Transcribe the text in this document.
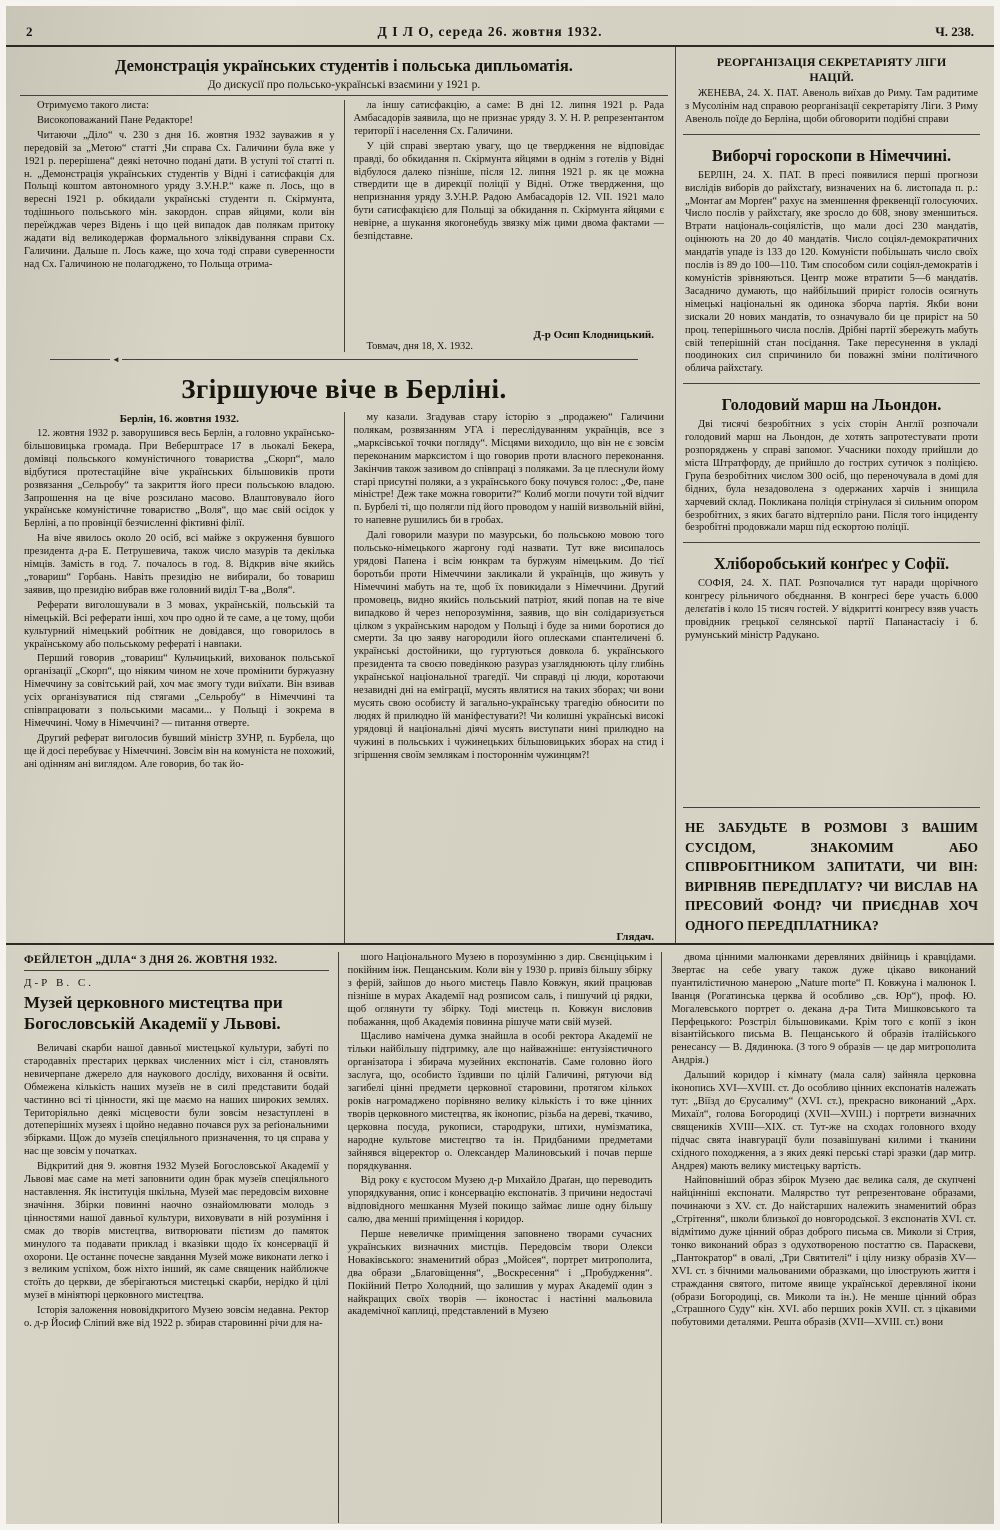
2	Д І Л О, середа 26. жовтня 1932.	Ч. 238.
Демонстрація українських студентів і польська дипльоматія.
До дискусії про польсько-українські взаємини у 1921 р.

Отримуємо такого листа:

Високоповажаний Пане Редакторе!

Читаючи „Діло“ ч. 230 з дня 16. жовтня 1932 зауважив я у передовій за „Метою“ статті „Чи справа Сх. Галичини була вже у 1921 р. перерішена“ деякі неточно подані дати. В уступі тої статті п. н. „Демонстрація українських студентів у Відні і сатисфакція для Польщі коштом автономного уряду З.У.Н.Р.“ каже п. Лось, що в вересні 1921 р. обкидали українські студенти п. Скірмунта, тодішнього польського мін. закордон. справ яйцями, коли він переїжджав через Відень і що цей випадок дав полякам притоку жадати від великодержав формального зліквідування справи Сх. Галичини. Дальше п. Лось каже, що хоча тоді справи суверенности над Сх. Галичиною не полагоджено, то Польща отрима-

ла іншу сатисфакцію, а саме: В дні 12. липня 1921 р. Рада Амбасадорів заявила, що не признає уряду З. У. Н. Р. репрезентантом території і населення Сх. Галичини.

У цій справі звертаю увагу, що це твердження не відповідає правді, бо обкидання п. Скірмунта яйцями в однім з готелів у Відні відбулося далеко пізніше, після 12. липня 1921 р. як це можна ствердити ще в дирекції поліції у Відні. Отже твердження, що непризнання уряду З.У.Н.Р. Радою Амбасадорів 12. VII. 1921 мало бути сатисфакцією для Польщі за обкидання п. Скірмунта яйцями є невірне, а шукання якогонебудь звязку між цими двома фактами — безпідставне.

Д-р Осип Клодницький.
Товмач, дня 18, X. 1932.
◄
Згіршуюче віче в Берліні.
Берлін, 16. жовтня 1932.

12. жовтня 1932 р. заворушився весь Берлін, а головно українсько-більшовицька громада. При Веберштрасе 17 в льокалі Бекера, домівці польського комуністичного товариства „Скорп“, мало відбутися протестаційне віче українських більшовиків проти розвязання „Сельробу“ та закриття його преси польською владою. Запрошення на це віче розсилано масово. Влаштовувало його українське комуністичне товариство „Воля“, що має свій осідок у Берліні, а по провінції безчисленні фіктивні філії.

На віче явилось около 20 осіб, всі майже з окруження бувшого президента д-ра Е. Петрушевича, також число мазурів та декілька німців. Замість в год. 7. почалось в год. 8. Відкрив віче якийсь „товариш“ Горбань. Навіть президію не вибирали, бо товариш заявив, що президію вибрав вже головний виділ Т-ва „Воля“.

Реферати виголошували в 3 мовах, українській, польській та німецькій. Всі реферати інші, хоч про одно й те саме, а це тому, щоби культурний німецький робітник не довідався, що говорилось в українському або польському рефераті і навпаки.

Перший говорив „товариш“ Кульчицький, вихованок польської організації „Скорп“, що ніяким чином не хоче промінити буржуазну Німеччину за совітський рай, хоч має змогу туди виїхати. Він взивав усіх організуватися під стягами „Сельробу“ в Німеччині та співпрацювати з польськими масами... у Польщі і зокрема в Німеччині. Чому в Німеччині? — питання отверте.

Другий реферат виголосив бувший міністр ЗУНР, п. Бурбела, що ще й досі перебуває у Німеччині. Зовсім він на комуніста не похожий, ані одінням ані виглядом. Але говорив, бо так йо-

му казали. Згадував стару історію з „продажею“ Галичини полякам, розвязанням УГА і переслідуванням українців, все з „марксівської точки погляду“. Місцями виходило, що він не є зовсім переконаним марксистом і що говорив проти власного переконання. Закінчив також зазивом до співпраці з поляками. За це плеснули йому старі присутні поляки, а з українського боку почувся голос: „Фе, пане міністре! Деж таке можна говорити?“ Колиб могли почути той відчит п. Бурбелі ті, що полягли під його проводом у нашій визвольній війні, то напевне рушились би в гробах.

Далі говорили мазури по мазурськи, бо польською мовою того польсько-німецького жаргону годі назвати. Тут вже висипалось урядові Папена і всім юнкрам та буржуям німецьким. До тієї боротьби проти Німеччини закликали й українців, що живуть у Німеччині мабуть на те, щоб їх повикидали з Німеччини. Другий промовець, видно якийсь польський патріот, який попав на те віче випадково й через непорозуміння, заявив, що він солідаризується цілком з українським народом у Польщі і буде за ними боротися до смерти. За цю заяву нагородили його оплесками спантеличені б. українські достойники, що гуртуються довкола б. українського президента та своєю поведінкою разураз узагляднюють цілу глибінь української національної трагедії. Чи справді ці люди, коротаючи незавидні дні на еміграції, мусять являтися на таких зборах; чи вони мусять свою особисту й загально-українську трагедію обносити по людях й прилюдно їй маніфестувати?! Чи колишні українські високі урядовці й національні діячі мусять виступати нині прилюдно на чужині в польських і чужинецьких більшовицьких зборах на стид і згіршення своїм землякам і постороннім чужинцям?!

Глядач.
РЕОРГАНІЗАЦІЯ СЕКРЕТАРІЯТУ ЛІГИ НАЦІЙ.

ЖЕНЕВА, 24. X. ПАТ. Авеноль виїхав до Риму. Там радитиме з Мусолінім над справою реорганізації секретаріяту Ліги. З Риму Авеноль поїде до Берліна, щоби обговорити подібні справи

Виборчі гороскопи в Німеччині.

БЕРЛІН, 24. X. ПАТ. В пресі появилися перші прогнози вислідів виборів до райхстаґу, визначених на 6. листопада п. р.: „Монтаґ ам Морґен“ рахує на зменшення фреквенції голосуючих. Число послів у райхстаґу, яке зросло до 608, знову зменшиться. Втрати національ-соціялістів, що мали досі 230 мандатів, оцінюють на 20 до 40 мандатів. Число соціял-демократичних мандатів упаде із 133 до 120. Комуністи побільшать число своїх послів із 89 до 100—110. Тим способом сили соціял-демократів і комуністів зрівняються. Центр може втратити 5—6 мандатів. Засадничо думають, що найбільший приріст голосів осягнуть німецькі національні як одинока зборча партія. Якби вони зискали 20 нових мандатів, то означувало би це приріст на 50 проц. теперішнього числа послів. Дрібні партії збережуть мабуть свій теперішній стан посідання. Таке пересунення в укладі поодиноких сил спричинило би поважні зміни політичного облича райхстаґу.

Голодовий марш на Льондон.

Дві тисячі безробітних з усіх сторін Англії розпочали голодовий марш на Льондон, де хотять запротестувати проти розпоряджень у справі запомог. Учасники походу прийшли до міста Штратфорду, де прийшло до гострих сутичок з поліцією. Група безробітних числом 300 осіб, що переночувала в домі для бідних, була незадоволена з одержаних харчів і знищила харчевий склад. Покликана поліція стрінулася зі сильним опором безробітних, з яких багато відтерпіло рани. Після того інциденту безробітні продовжали марш під ескортою поліції.

Хліборобський конґрес у Софії.

СОФІЯ, 24. X. ПАТ. Розпочалися тут наради щорічного конгресу рільничого обєднання. В конгресі бере участь 6.000 делєґатів і коло 15 тисяч гостей. У відкритті конгресу взяв участь провідник грецької селянської партії Папанастасіу і б. румунський міністр Радукано.

НЕ ЗАБУДЬТЕ В РОЗМОВІ З ВАШИМ СУСІДОМ, ЗНАКОМИМ АБО СПІВРОБІТНИКОМ ЗАПИТАТИ, ЧИ ВІН: ВИРІВНЯВ ПЕРЕДПЛАТУ? ЧИ ВИСЛАВ НА ПРЕСОВИЙ ФОНД? ЧИ ПРИЄДНАВ ХОЧ ОДНОГО ПЕРЕДПЛАТНИКА?
ФЕЙЛЕТОН „ДІЛА“ З ДНЯ 26. ЖОВТНЯ 1932.
Д-Р В. С.
Музей церковного мистецтва при Богословській Академії у Львові.

Величаві скарби нашої давньої мистецької культури, забуті по стародавніх престарих церквах численних міст і сіл, становлять невичерпане джерело для наукового досліду, виховання й освіти. Обмежена кількість наших музеїв не в силі представити бодай частинно всі ті цінности, які ще маємо на наших широких землях. Територіяльно деякі місцевости були зовсім незаступлені в дотеперішніх музеях і щойно недавно почався рух за реґіональними збірками. Щож до музеїв спеціяльного призначення, то ця справа у нас ще зовсім у початках.

Відкритий дня 9. жовтня 1932 Музей Богословської Академії у Львові має саме на меті заповнити один брак музеїв спеціяльного наставлення. Як інституція шкільна, Музей має передовсім виховне значіння. Збірки повинні наочно ознайомлювати молодь з цінностями нашої давньої культури, виховувати в ній розуміння і смак до творів мистецтва, витворювати пієтизм до памяток минулого та подавати приклад і вказівки щодо їх консервації й охорони. Це останнє почесне завдання Музей може виконати легко і з великим успіхом, бож ніхто інший, як саме священик найближче стоїть до церкви, де зберігаються мистецькі скарби, нерідко й цілі музеї в мініятюрі церковного мистецтва.

Історія заложення нововідкритого Музею зовсім недавна. Ректор о. д-р Йосиф Сліпий вже від 1922 р. збирав старовинні річи для на-

шого Національного Музею в порозумінню з дир. Свєнціцьким і покійним інж. Пещанським. Коли він у 1930 р. привіз більшу збірку з ферій, зайшов до нього мистець Павло Ковжун, який працював пізніше в мурах Академії над розписом саль, і пишучий ці рядки, щоб оглянути ту збірку. Тоді мистець п. Ковжун висловив побажання, щоб Академія повинна рішуче мати свій музей.

Щасливо намічена думка знайшла в особі ректора Академії не тільки найбільшу підтримку, але що найважніше: ентузіястичного організатора і збирача музейних експонатів. Саме головно його заслуга, що, особисто їздивши по цілій Галичині, рятуючи від загибелі цінні предмети церковної старовини, протягом кількох років нагромаджено порівняно велику кількість і то вже цінних творів церковного мистецтва, як іконопис, різьба на дереві, ткачиво, церковна посуда, рукописи, стародруки, штихи, нумізматика, народне культове мистецтво та ін. Придбаними предметами зайнявся віцеректор о. Олександер Малиновський і почав перше порядкування.

Від року є кустосом Музею д-р Михайло Драґан, що переводить упорядкування, опис і консервацію експонатів. З причини недостачі відповідного мешкання Музей покищо займає лише одну більшу салю, два менші приміщення і коридор.

Перше невеличке приміщення заповнено творами сучасних українських визначних мистців. Передовсім твори Олекси Новаківського: знаменитий образ „Мойсея“, портрет митрополита, два образи „Благовіщення“, „Воскресення“ і „Пробудження“. Покійний Петро Холодний, що залишив у мурах Академії один з найкращих своїх творів — іконостас і настінні мальовила академічної каплиці, представлений в Музею

двома цінними малюнками деревляних двійниць і кравцідами. Звертає на себе увагу також дуже цікаво виконаний пуантилістичною манерою „Nature morte“ П. Ковжуна і малюнок І. Іванця (Рогатинська церква й особливо „св. Юр“), проф. Ю. Могалевського портрет о. декана д-ра Тита Мишковського та Перфецького: Розстріл більшовиками. Крім того є копії з ікон візантійського письма В. Пещанського й образів італійського ренесансу — В. Дядинюка. (З того 9 образів — це дар митрополита Андрія.)

Дальший коридор і кімнату (мала саля) зайняла церковна іконопись XVI—XVIII. ст. До особливо цінних експонатів належать тут: „Віїзд до Єрусалиму“ (XVI. ст.), прекрасно виконаний „Арх. Михаїл“, голова Богородиці (XVII—XVIII.) і портрети визначних священиків XVIII—XIX. ст. Тут-же на сходах головного входу підчас свята інавгурації були позавішувані килими і тканини східного походження, а з яких деякі перські старі зразки (дар митр. Андрея) мають велику мистецьку вартість.

Найповніший образ збірок Музею дає велика саля, де скупчені найцінніші експонати. Малярство тут репрезентоване образами, починаючи з XV. ст. До найстарших належить знаменитий образ „Стрітення“, школи близької до новгородської. З експонатів XVI. ст. відмітимо дуже цінний образ доброго письма св. Миколи зі Стрия, тонко виконаний образ з одухотвореною постаттю св. Параскеви, „Пантократор“ в овалі, „Три Святителі“ і цілу низку образів XV—XVI. ст. з бічними мальованими образками, що ілюструють життя і страждання святого, питоме явище української деревляної ікони (образи Богородиці, св. Миколи та ін.). Не менше цінний образ „Страшного Суду“ кін. XVI. або перших років XVII. ст. з цікавими побутовими деталями. Решта образів (XVII—XVIII. ст.) вони
